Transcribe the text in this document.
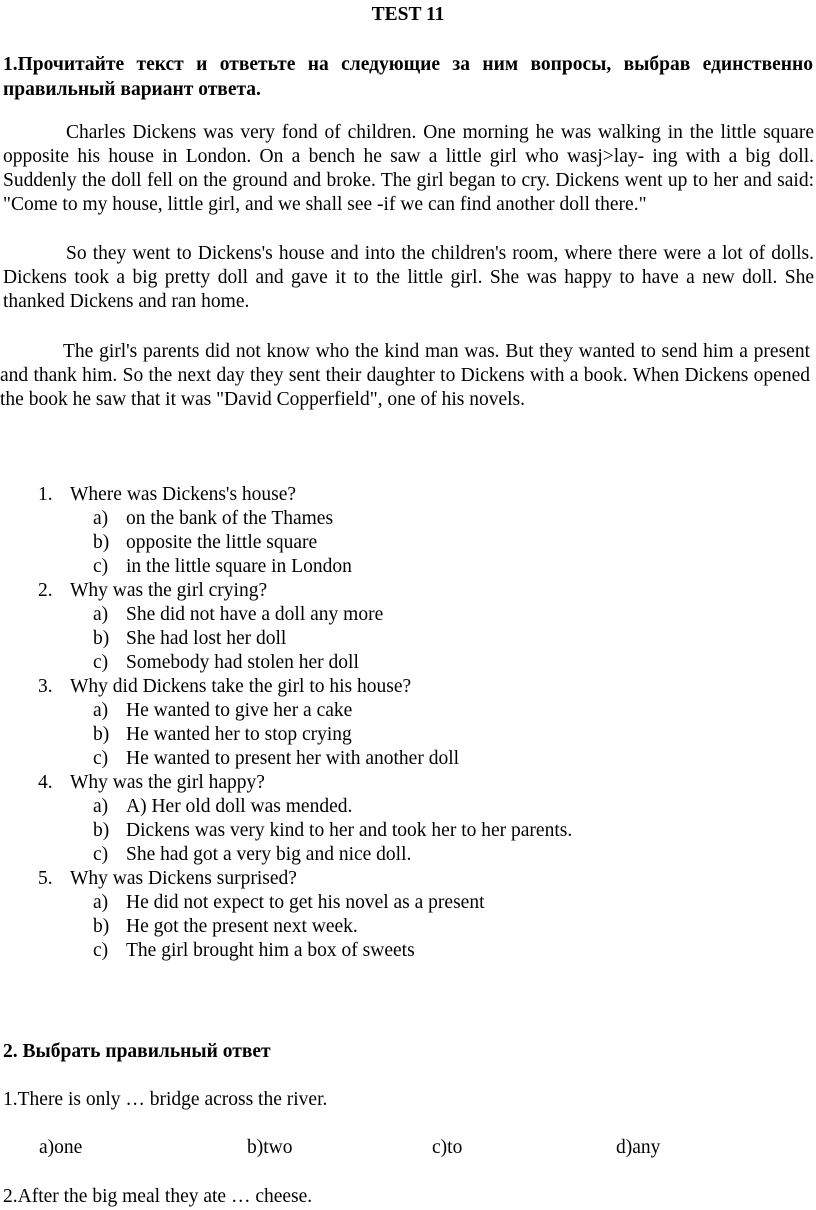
TEST 11
1.Прочитайте текст и ответьте на следующие за ним вопросы, выбрав единственно правильный вариант ответа.
Charles Dickens was very fond of children. One morning he was walking in the little square opposite his house in London. On a bench he saw a little girl who wasj>lay- ing with a big doll. Suddenly the doll fell on the ground and broke. The girl began to cry. Dickens went up to her and said: "Come to my house, little girl, and we shall see -if we can find another doll there."
So they went to Dickens's house and into the children's room, where there were a lot of dolls. Dickens took a big pretty doll and gave it to the little girl. She was happy to have a new doll. She thanked Dickens and ran home.
The girl's parents did not know who the kind man was. But they wanted to send him a present and thank him. So the next day they sent their daughter to Dickens with a book. When Dickens opened the book he saw that it was "David Copperfield", one of his novels.
1. Where was Dickens's house?
a) on the bank of the Thames
b) opposite the little square
c) in the little square in London
2. Why was the girl crying?
a) She did not have a doll any more
b) She had lost her doll
c) Somebody had stolen her doll
3. Why did Dickens take the girl to his house?
a) He wanted to give her a cake
b) He wanted her to stop crying
c) He wanted to present her with another doll
4. Why was the girl happy?
a) A) Her old doll was mended.
b) Dickens was very kind to her and took her to her parents.
c) She had got a very big and nice doll.
5. Why was Dickens surprised?
a) He did not expect to get his novel as a present
b) He got the present next week.
c) The girl brought him a box of sweets
2. Выбрать правильный ответ
1.There is only … bridge across the river.
a)one	b)two	c)to	d)any
2.After the big meal they ate … cheese.
